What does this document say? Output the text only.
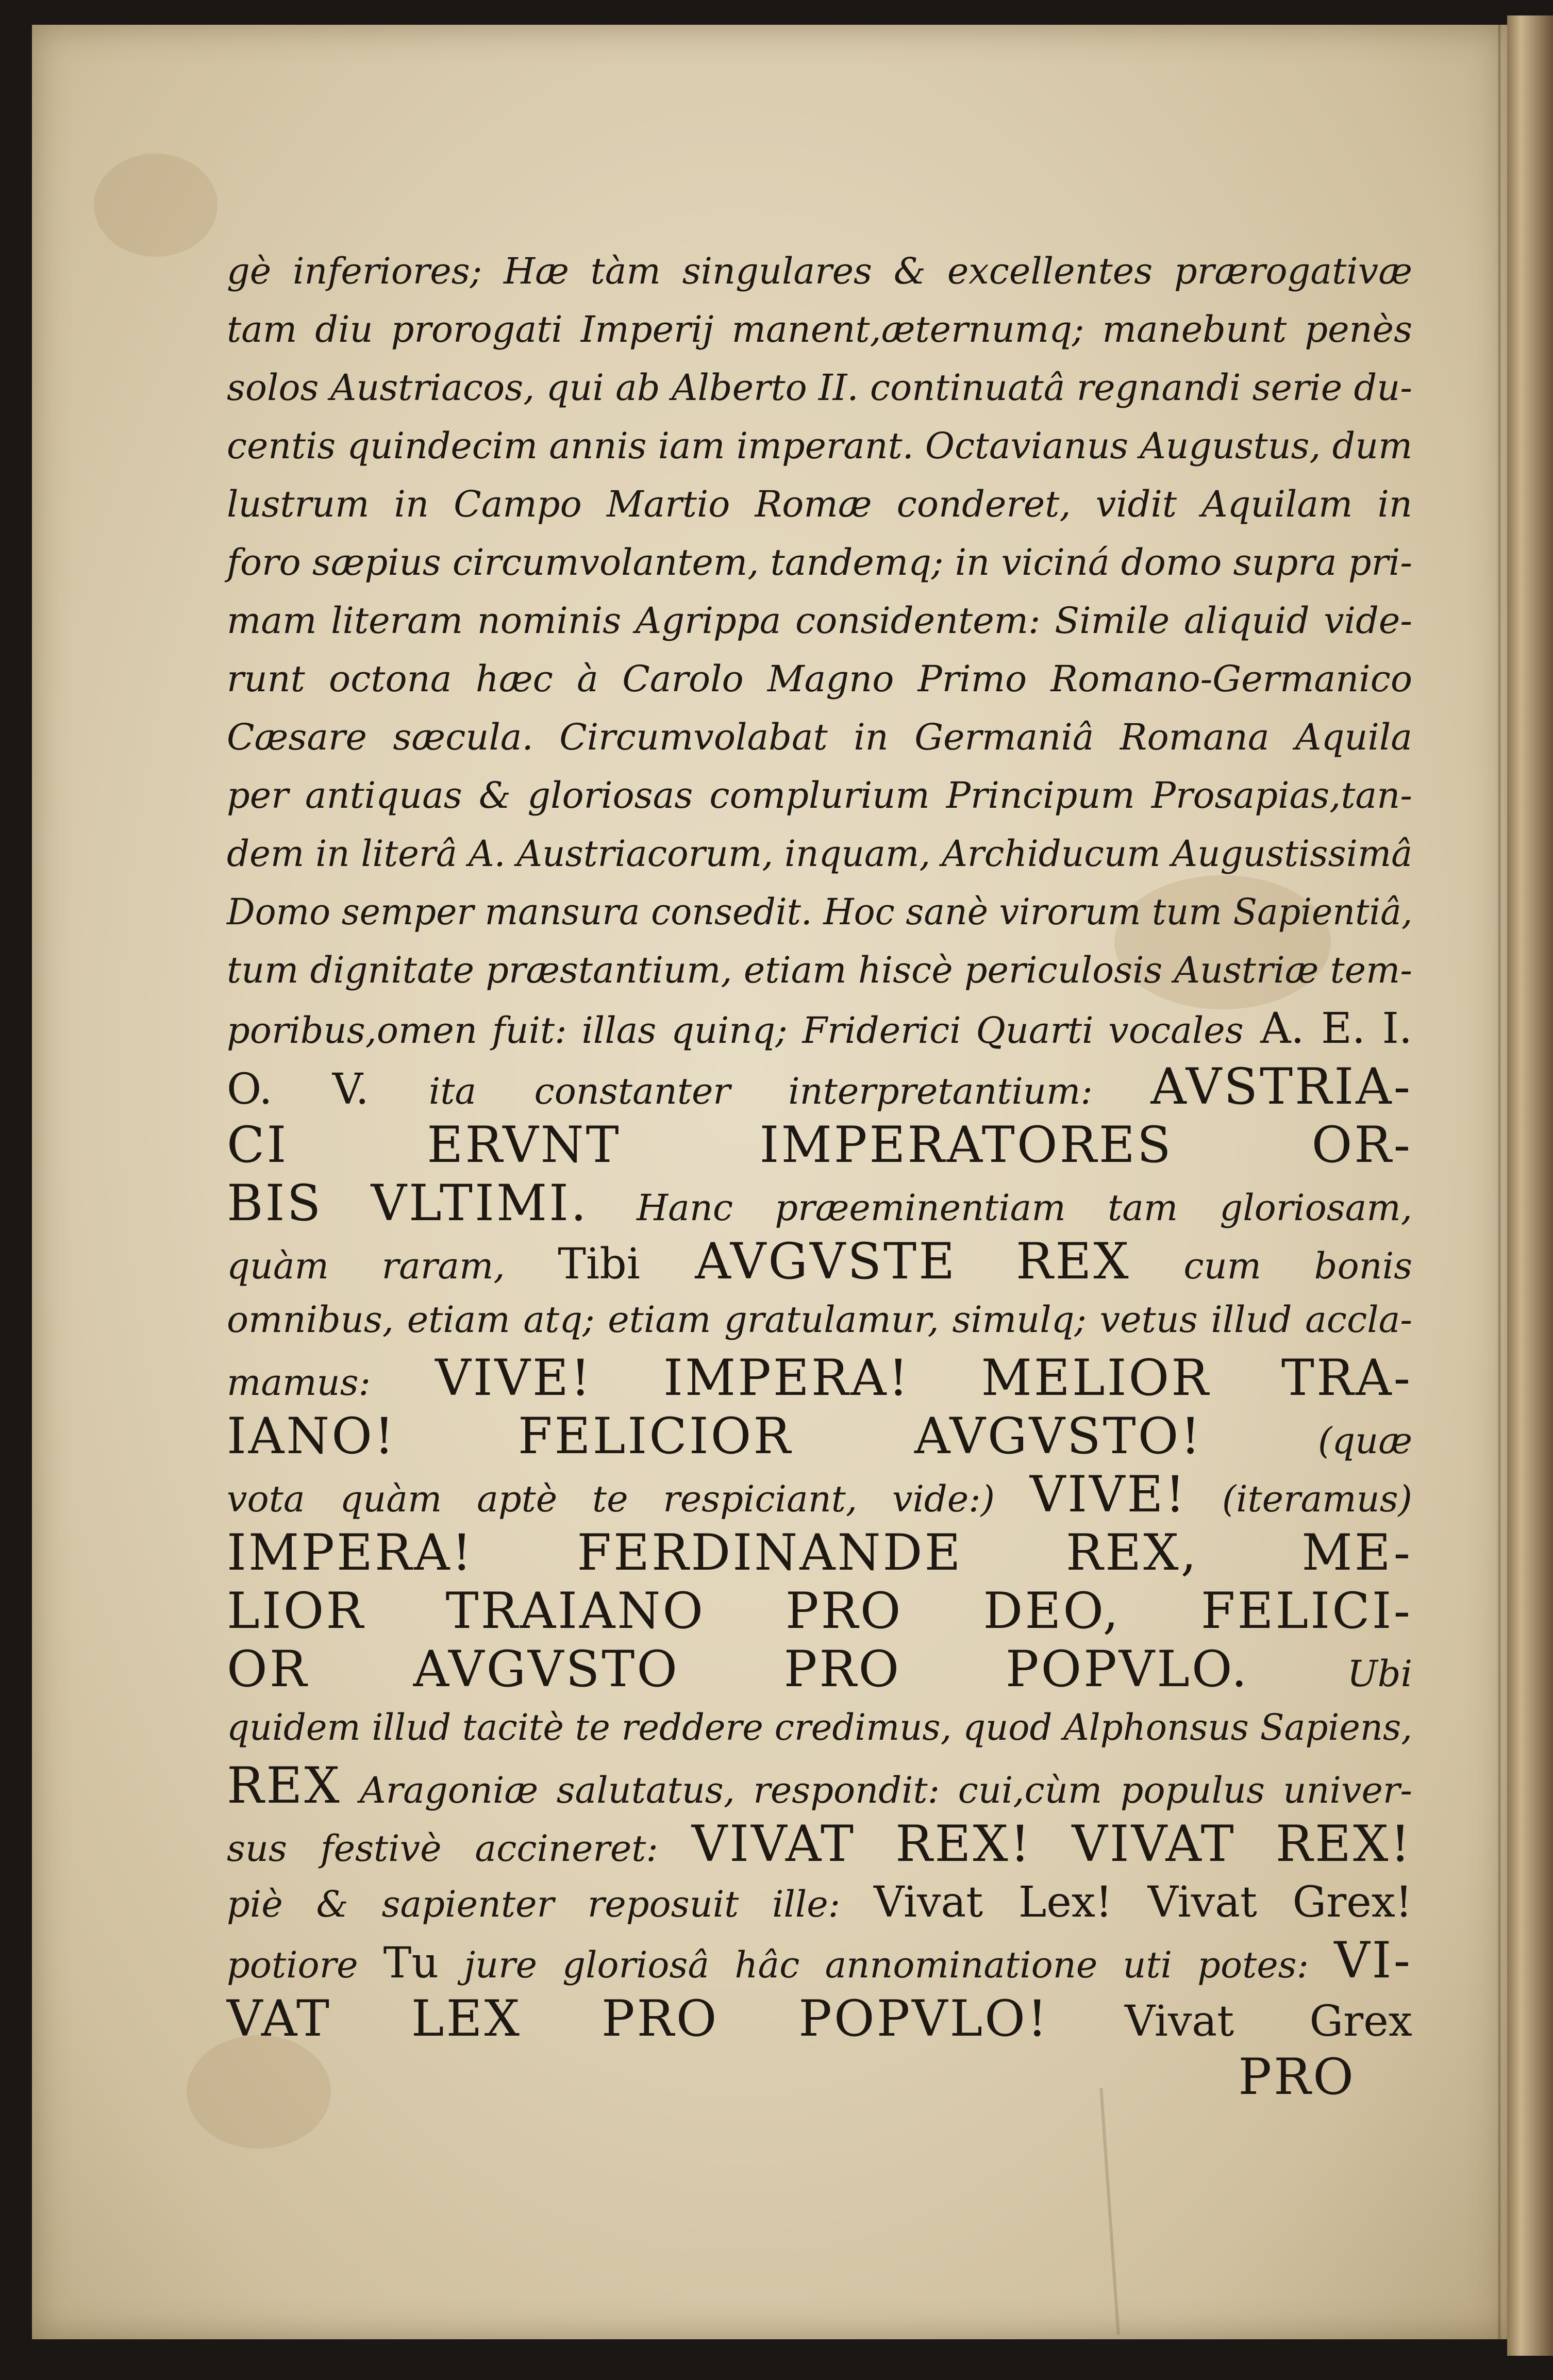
gè inferiores; Hæ tàm singulares & excellentes prærogativæ
tam diu prorogati Imperij manent,æternumq; manebunt penès
solos Austriacos, qui ab Alberto II. continuatâ regnandi serie du-
centis quindecim annis iam imperant. Octavianus Augustus, dum
lustrum in Campo Martio Romæ conderet, vidit Aquilam in
foro sæpius circumvolantem, tandemq; in viciná domo supra pri-
mam literam nominis Agrippa considentem: Simile aliquid vide-
runt octona hæc à Carolo Magno Primo Romano-Germanico
Cæsare sæcula. Circumvolabat in Germaniâ Romana Aquila
per antiquas & gloriosas complurium Principum Prosapias,tan-
dem in literâ A. Austriacorum, inquam, Archiducum Augustissimâ
Domo semper mansura consedit. Hoc sanè virorum tum Sapientiâ,
tum dignitate præstantium, etiam hiscè periculosis Austriæ tem-
poribus,omen fuit: illas quinq; Friderici Quarti vocales A. E. I.
O. V. ita constanter interpretantium: AVSTRIA-
CI ERVNT IMPERATORES OR-
BIS VLTIMI. Hanc præeminentiam tam gloriosam,
quàm raram, Tibi AVGVSTE REX cum bonis
omnibus, etiam atq; etiam gratulamur, simulq; vetus illud accla-
mamus: VIVE! IMPERA! MELIOR TRA-
IANO! FELICIOR AVGVSTO! (quæ
vota quàm aptè te respiciant, vide:) VIVE! (iteramus)
IMPERA! FERDINANDE REX, ME-
LIOR TRAIANO PRO DEO, FELICI-
OR AVGVSTO PRO POPVLO. Ubi
quidem illud tacitè te reddere credimus, quod Alphonsus Sapiens,
REX Aragoniæ salutatus, respondit: cui,cùm populus univer-
sus festivè accineret: VIVAT REX! VIVAT REX!
piè & sapienter reposuit ille: Vivat Lex! Vivat Grex!
potiore Tu jure gloriosâ hâc annominatione uti potes: VI-
VAT LEX PRO POPVLO! Vivat Grex
PRO
